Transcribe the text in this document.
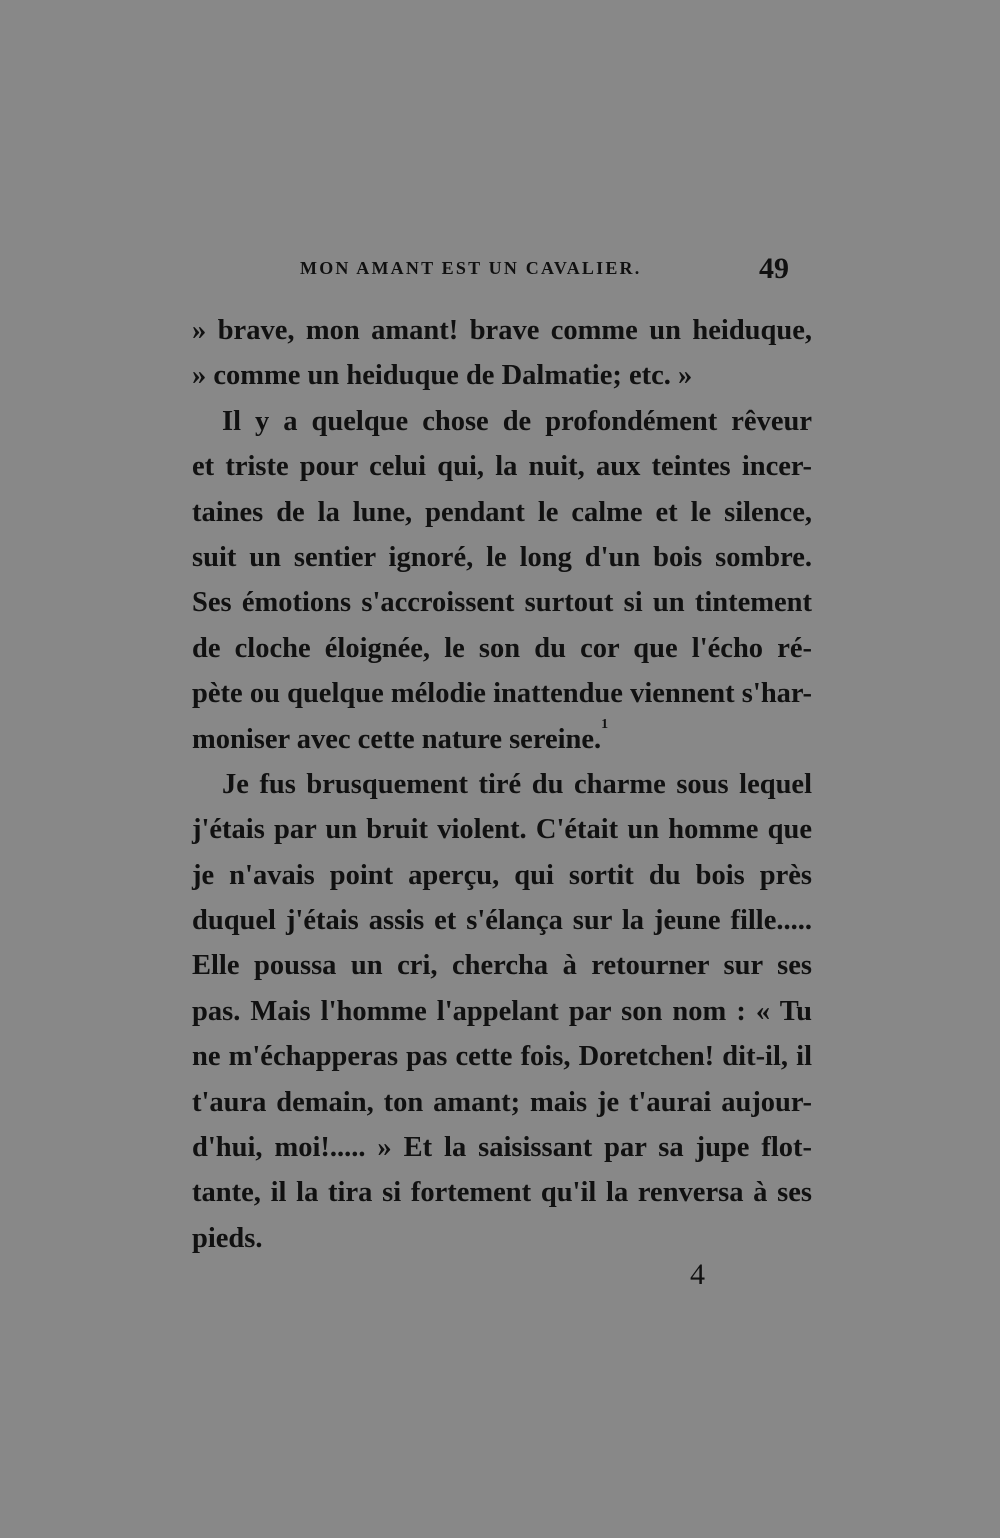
MON AMANT EST UN CAVALIER.	49
» brave, mon amant! brave comme un heiduque,
» comme un heiduque de Dalmatie; etc. »
Il y a quelque chose de profondément rêveur
et triste pour celui qui, la nuit, aux teintes incer-
taines de la lune, pendant le calme et le silence,
suit un sentier ignoré, le long d'un bois sombre.
Ses émotions s'accroissent surtout si un tintement
de cloche éloignée, le son du cor que l'écho ré-
pète ou quelque mélodie inattendue viennent s'har-
moniser avec cette nature sereine.$^1$
Je fus brusquement tiré du charme sous lequel
j'étais par un bruit violent. C'était un homme que
je n'avais point aperçu, qui sortit du bois près
duquel j'étais assis et s'élança sur la jeune fille.....
Elle poussa un cri, chercha à retourner sur ses
pas. Mais l'homme l'appelant par son nom : « Tu
ne m'échapperas pas cette fois, Doretchen! dit-il, il
t'aura demain, ton amant; mais je t'aurai aujour-
d'hui, moi!..... » Et la saisissant par sa jupe flot-
tante, il la tira si fortement qu'il la renversa à ses
pieds.
4
